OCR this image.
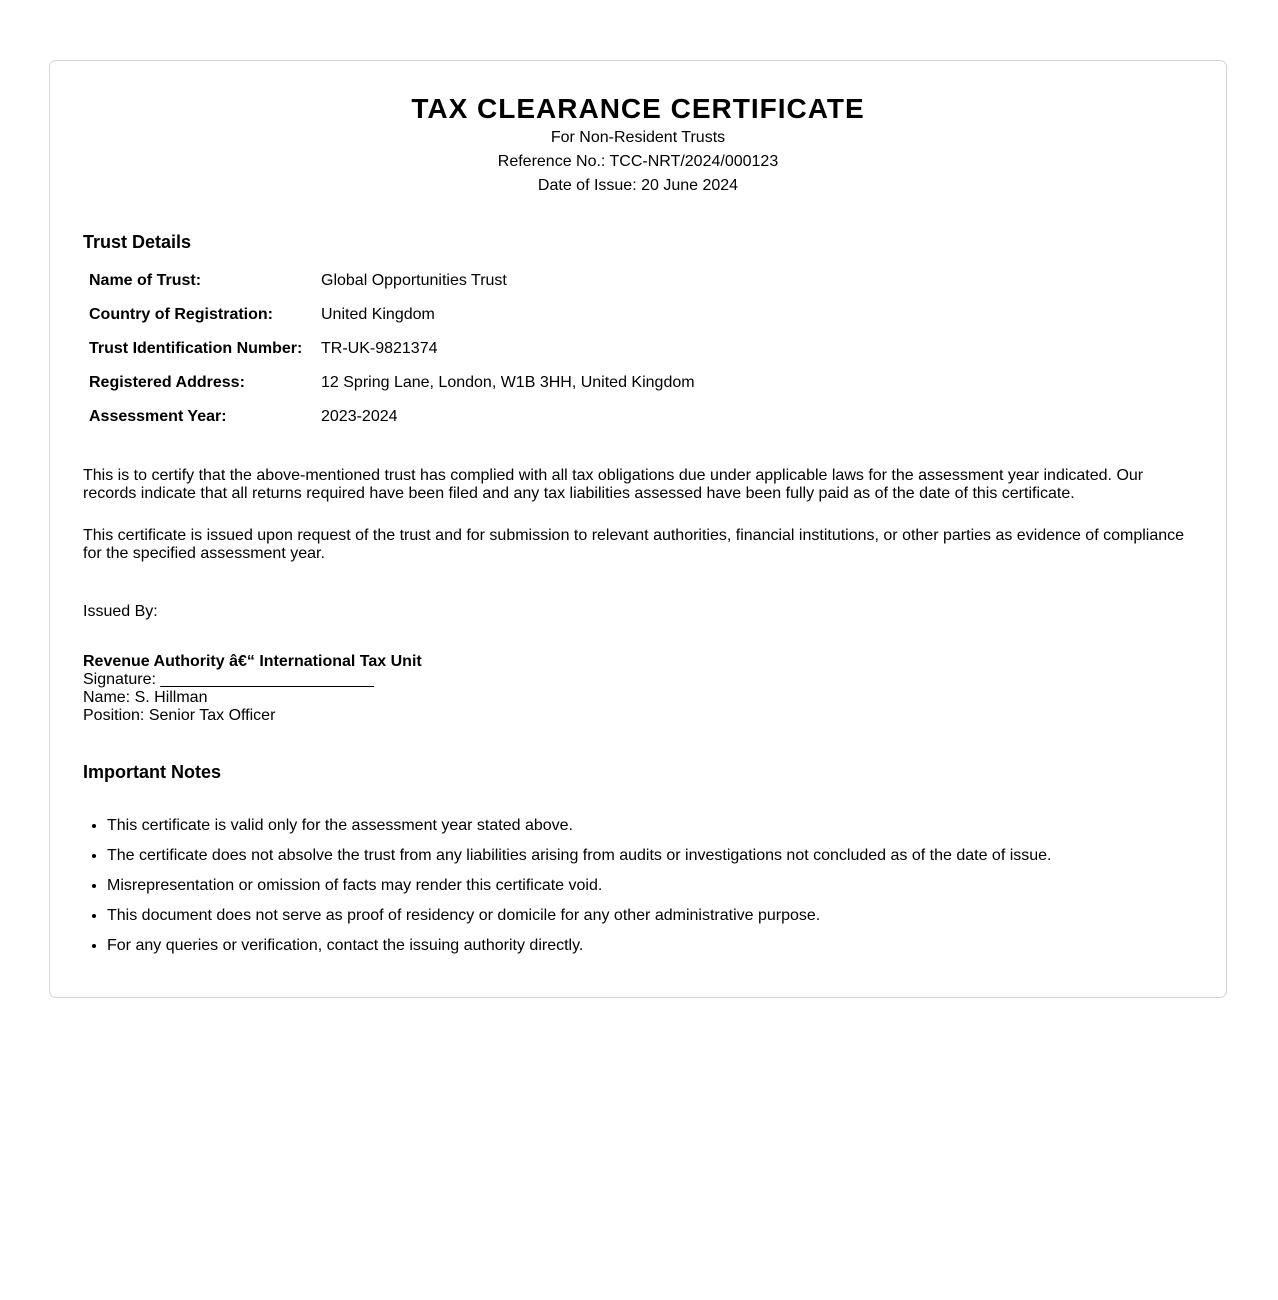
TAX CLEARANCE CERTIFICATE

For Non-Resident Trusts

Reference No.: TCC-NRT/2024/000123

Date of Issue: 20 June 2024

Trust Details
Name of Trust:	Global Opportunities Trust
Country of Registration:	United Kingdom
Trust Identification Number:	TR-UK-9821374
Registered Address:	12 Spring Lane, London, W1B 3HH, United Kingdom
Assessment Year:	2023-2024

This is to certify that the above-mentioned trust has complied with all tax obligations due under applicable laws for the assessment year indicated. Our records indicate that all returns required have been filed and any tax liabilities assessed have been fully paid as of the date of this certificate.

This certificate is issued upon request of the trust and for submission to relevant authorities, financial institutions, or other parties as evidence of compliance for the specified assessment year.

Issued By:
Revenue Authority â€“ International Tax Unit
Signature: ________________________
Name: S. Hillman
Position: Senior Tax Officer
Important Notes
• This certificate is valid only for the assessment year stated above.
• The certificate does not absolve the trust from any liabilities arising from audits or investigations not concluded as of the date of issue.
• Misrepresentation or omission of facts may render this certificate void.
• This document does not serve as proof of residency or domicile for any other administrative purpose.
• For any queries or verification, contact the issuing authority directly.
